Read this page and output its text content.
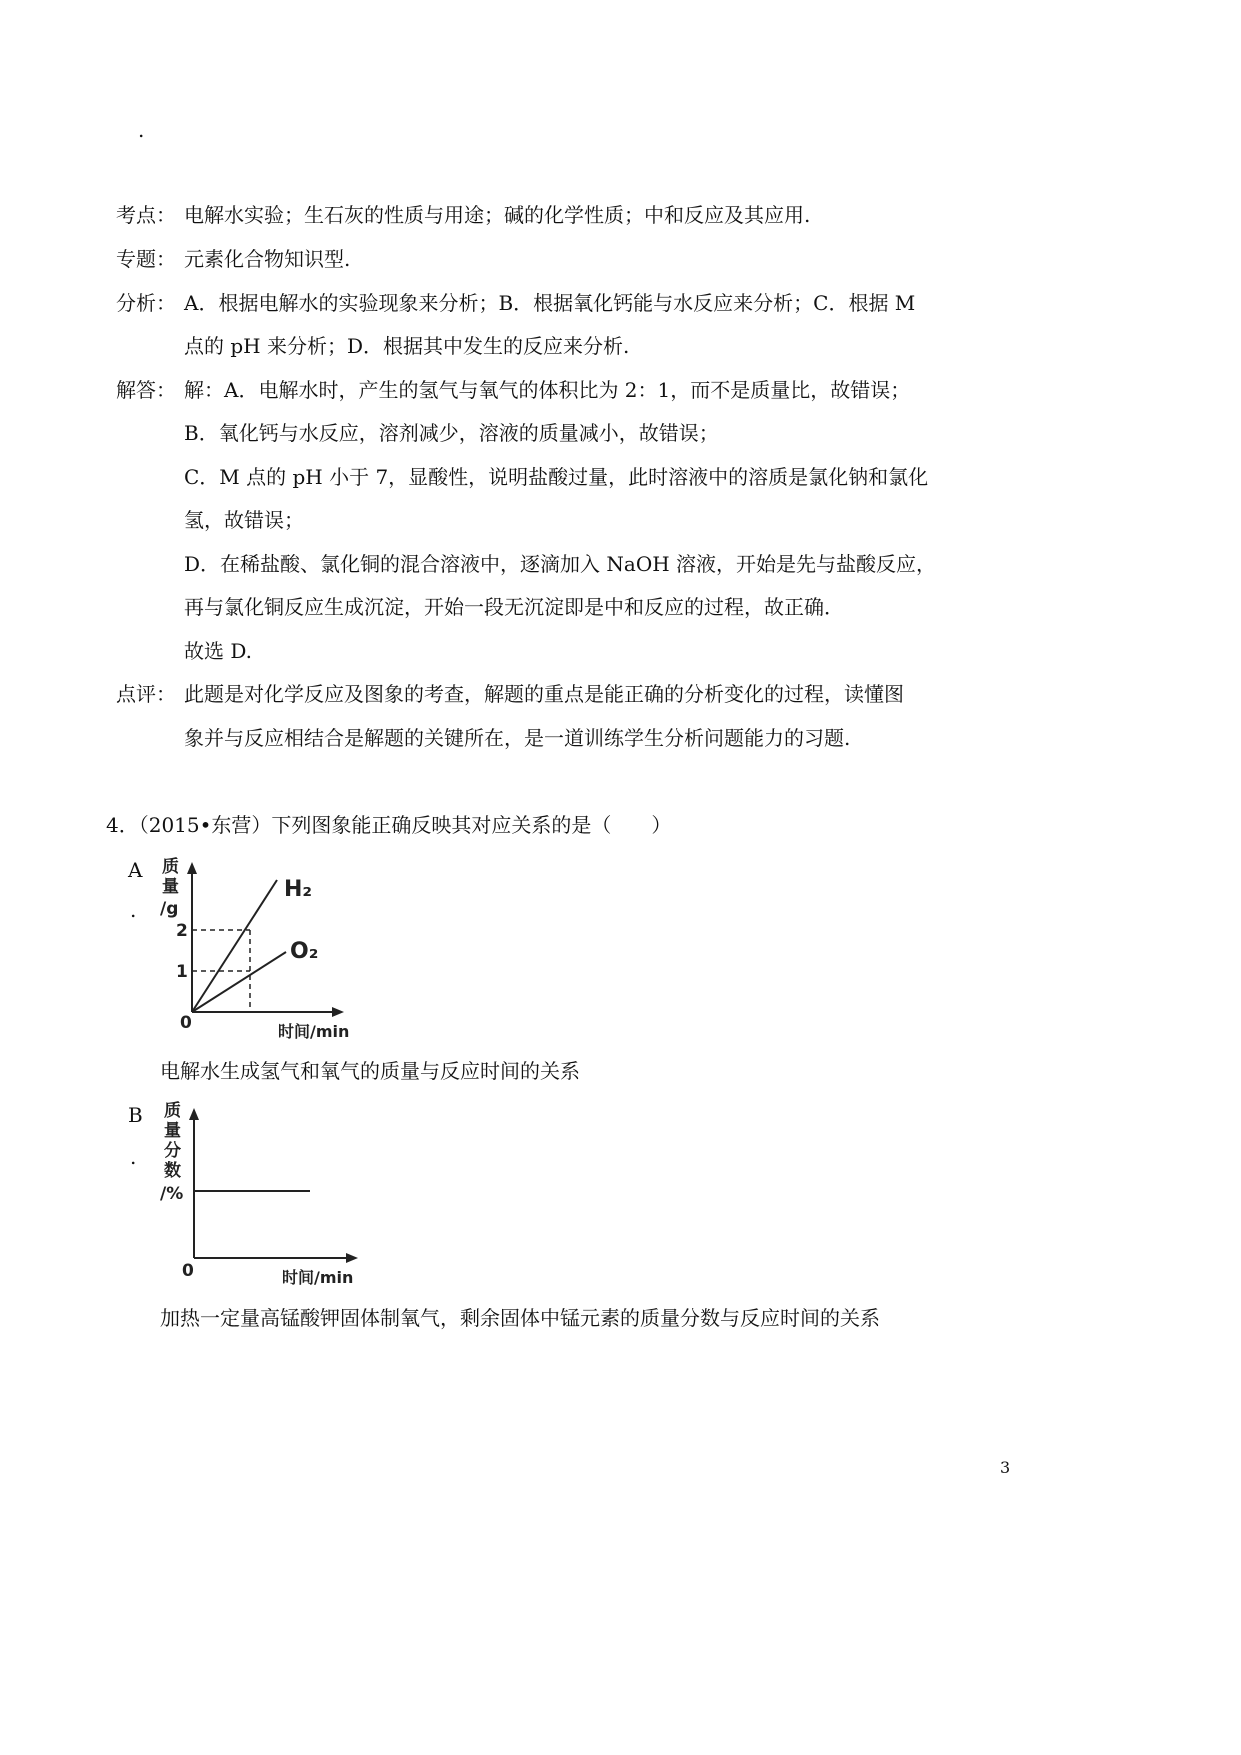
.
考点： 电解水实验；生石灰的性质与用途；碱的化学性质；中和反应及其应用.
专题： 元素化合物知识型.
分析： A．根据电解水的实验现象来分析；B．根据氧化钙能与水反应来分析；C．根据 M
点的 pH 来分析；D．根据其中发生的反应来分析.
解答： 解：A．电解水时，产生的氢气与氧气的体积比为 2：1，而不是质量比，故错误；
B．氧化钙与水反应，溶剂减少，溶液的质量减小，故错误；
C．M 点的 pH 小于 7，显酸性，说明盐酸过量，此时溶液中的溶质是氯化钠和氯化
氢，故错误；
D．在稀盐酸、氯化铜的混合溶液中，逐滴加入 NaOH 溶液，开始是先与盐酸反应，
再与氯化铜反应生成沉淀，开始一段无沉淀即是中和反应的过程，故正确．
故选 D.
点评： 此题是对化学反应及图象的考查，解题的重点是能正确的分析变化的过程，读懂图
象并与反应相结合是解题的关键所在，是一道训练学生分析问题能力的习题.
4．（2015•东营）下列图象能正确反映其对应关系的是（　　）
A
.
质
量
/g
H₂
O₂
2
1
0	时间/min
电解水生成氢气和氧气的质量与反应时间的关系
B
.
质
量
分
数
/%
0	时间/min
加热一定量高锰酸钾固体制氧气，剩余固体中锰元素的质量分数与反应时间的关系
3
